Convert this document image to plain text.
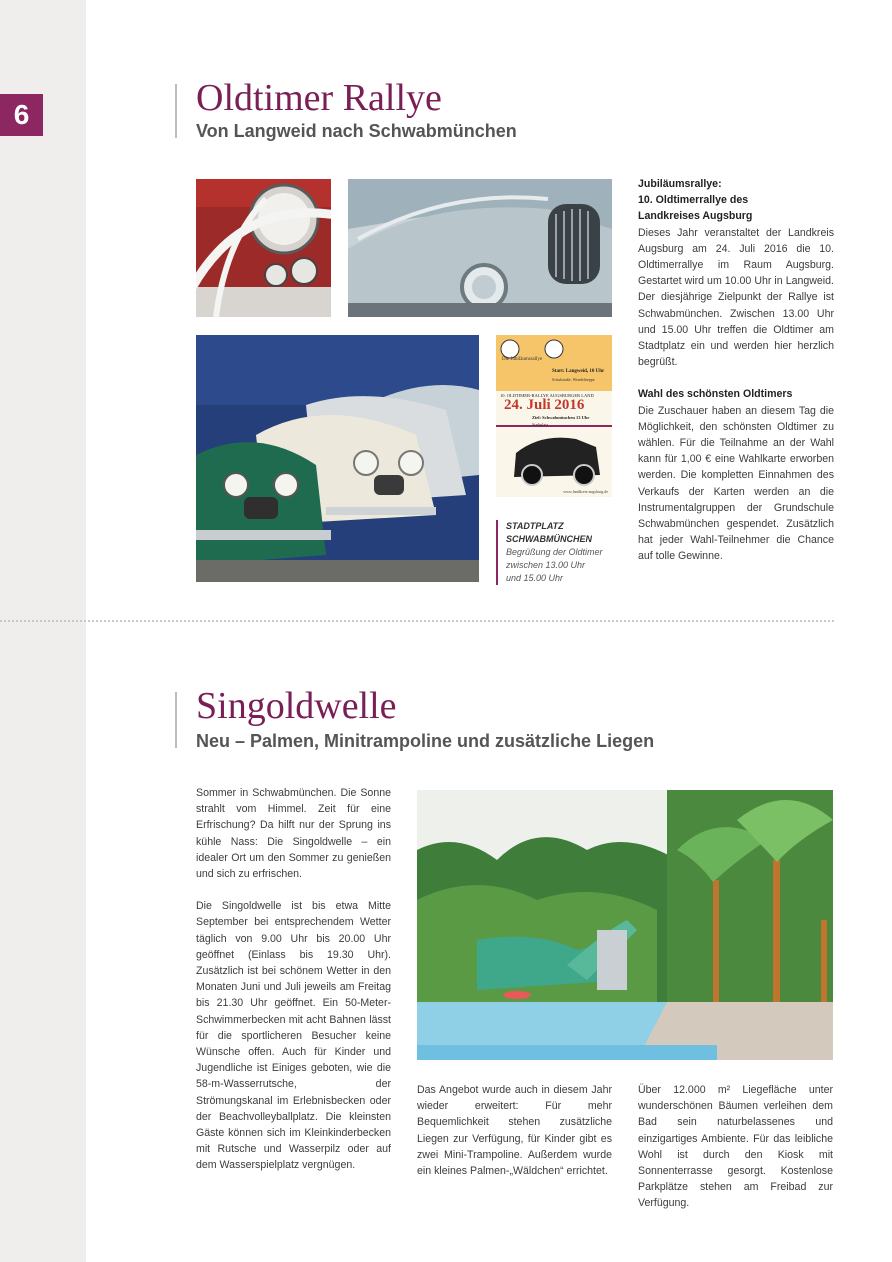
6	Oldtimer Rallye
Von Langweid nach Schwabmünchen
Die Jubiläumsrallye
Start: Langweid, 10 Uhr
Schulstraße, Wendeltreppe
10. OLDTIMER-RALLYE AUGSBURGER LAND
24. Juli 2016
Ziel: Schwabmünchen 13 Uhr
Stadtplatz
www.landkreis-augsburg.de
STADTPLATZ
SCHWABMÜNCHEN
Begrüßung der Oldtimer
zwischen 13.00 Uhr
und 15.00 Uhr

Jubiläumsrallye:

10. Oldtimerrallye des

Landkreises Augsburg

Dieses Jahr veranstaltet der Landkreis Augsburg am 24. Juli 2016 die 10. Oldtimerrallye im Raum Augsburg. Gestartet wird um 10.00 Uhr in Langweid. Der diesjährige Zielpunkt der Rallye ist Schwabmünchen. Zwischen 13.00 Uhr und 15.00 Uhr treffen die Oldtimer am Stadtplatz ein und werden hier herzlich begrüßt.

Wahl des schönsten Oldtimers

Die Zuschauer haben an diesem Tag die Möglichkeit, den schönsten Oldtimer zu wählen. Für die Teilnahme an der Wahl kann für 1,00 € eine Wahlkarte erworben werden. Die kompletten Einnahmen des Verkaufs der Karten werden an die Instrumentalgruppen der Grundschule Schwabmünchen gespendet. Zusätzlich hat jeder Wahl-Teilnehmer die Chance auf tolle Gewinne.

Singoldwelle
Neu – Palmen, Minitrampoline und zusätzliche Liegen

Sommer in Schwabmünchen. Die Sonne strahlt vom Himmel. Zeit für eine Erfrischung? Da hilft nur der Sprung ins kühle Nass: Die Singoldwelle – ein idealer Ort um den Sommer zu genießen und sich zu erfrischen.

Die Singoldwelle ist bis etwa Mitte September bei entsprechendem Wetter täglich von 9.00 Uhr bis 20.00 Uhr geöffnet (Einlass bis 19.30 Uhr). Zusätzlich ist bei schönem Wetter in den Monaten Juni und Juli jeweils am Freitag bis 21.30 Uhr geöffnet. Ein 50-Meter-Schwimmerbecken mit acht Bahnen lässt für die sportlicheren Besucher keine Wünsche offen. Auch für Kinder und Jugendliche ist Einiges geboten, wie die 58-m-Wasserrutsche, der Strömungskanal im Erlebnisbecken oder der Beachvolleyballplatz. Die kleinsten Gäste können sich im Kleinkinderbecken mit Rutsche und Wasserpilz oder auf dem Wasserspielplatz vergnügen.

Das Angebot wurde auch in diesem Jahr wieder erweitert: Für mehr Bequemlichkeit stehen zusätzliche Liegen zur Verfügung, für Kinder gibt es zwei Mini-Trampoline. Außerdem wurde ein kleines Palmen-„Wäldchen“ errichtet.

Über 12.000 m² Liegefläche unter wunderschönen Bäumen verleihen dem Bad sein naturbelassenes und einzigartiges Ambiente. Für das leibliche Wohl ist durch den Kiosk mit Sonnenterrasse gesorgt. Kostenlose Parkplätze stehen am Freibad zur Verfügung.
